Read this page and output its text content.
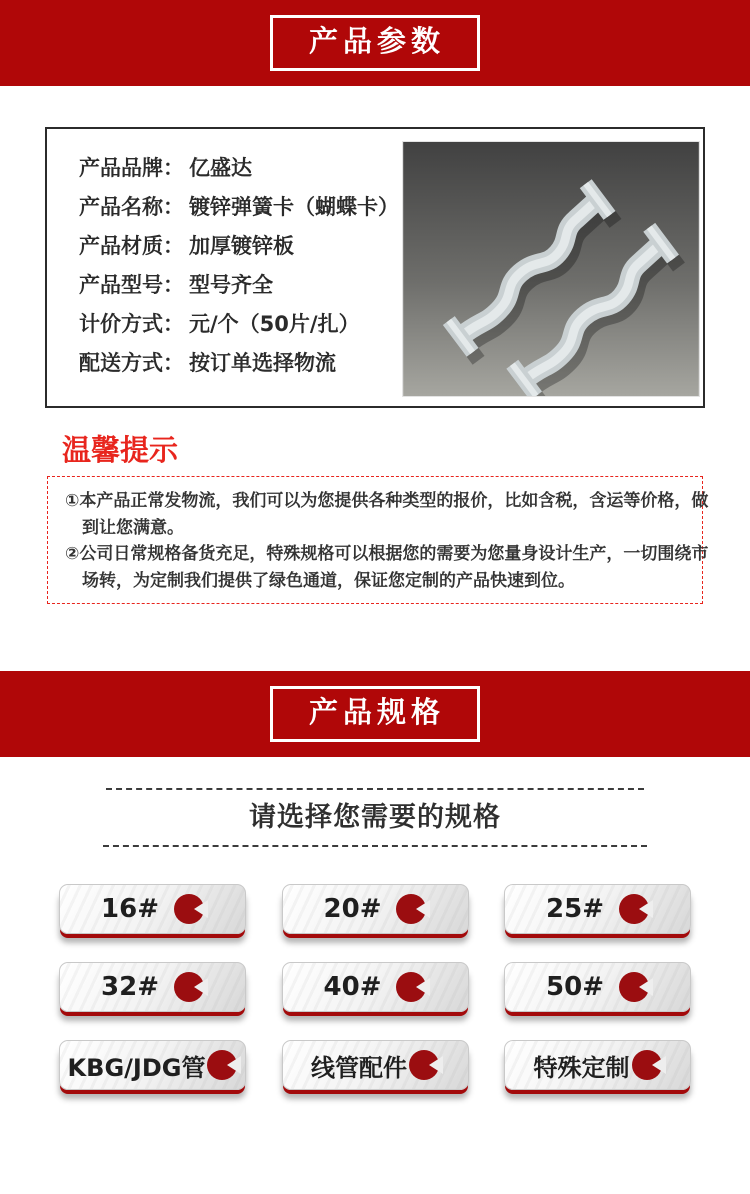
产品参数
产品品牌： 亿盛达
产品名称： 镀锌弹簧卡（蝴蝶卡）
产品材质： 加厚镀锌板
产品型号： 型号齐全
计价方式： 元/个（50片/扎）
配送方式： 按订单选择物流
温馨提示
①本产品正常发物流，我们可以为您提供各种类型的报价，比如含税，含运等价格，做
到让您满意。
②公司日常规格备货充足，特殊规格可以根据您的需要为您量身设计生产，一切围绕市
场转，为定制我们提供了绿色通道，保证您定制的产品快速到位。
产品规格
请选择您需要的规格
16#	20#	25#
32#	40#	50#
KBG/JDG管	线管配件	特殊定制
